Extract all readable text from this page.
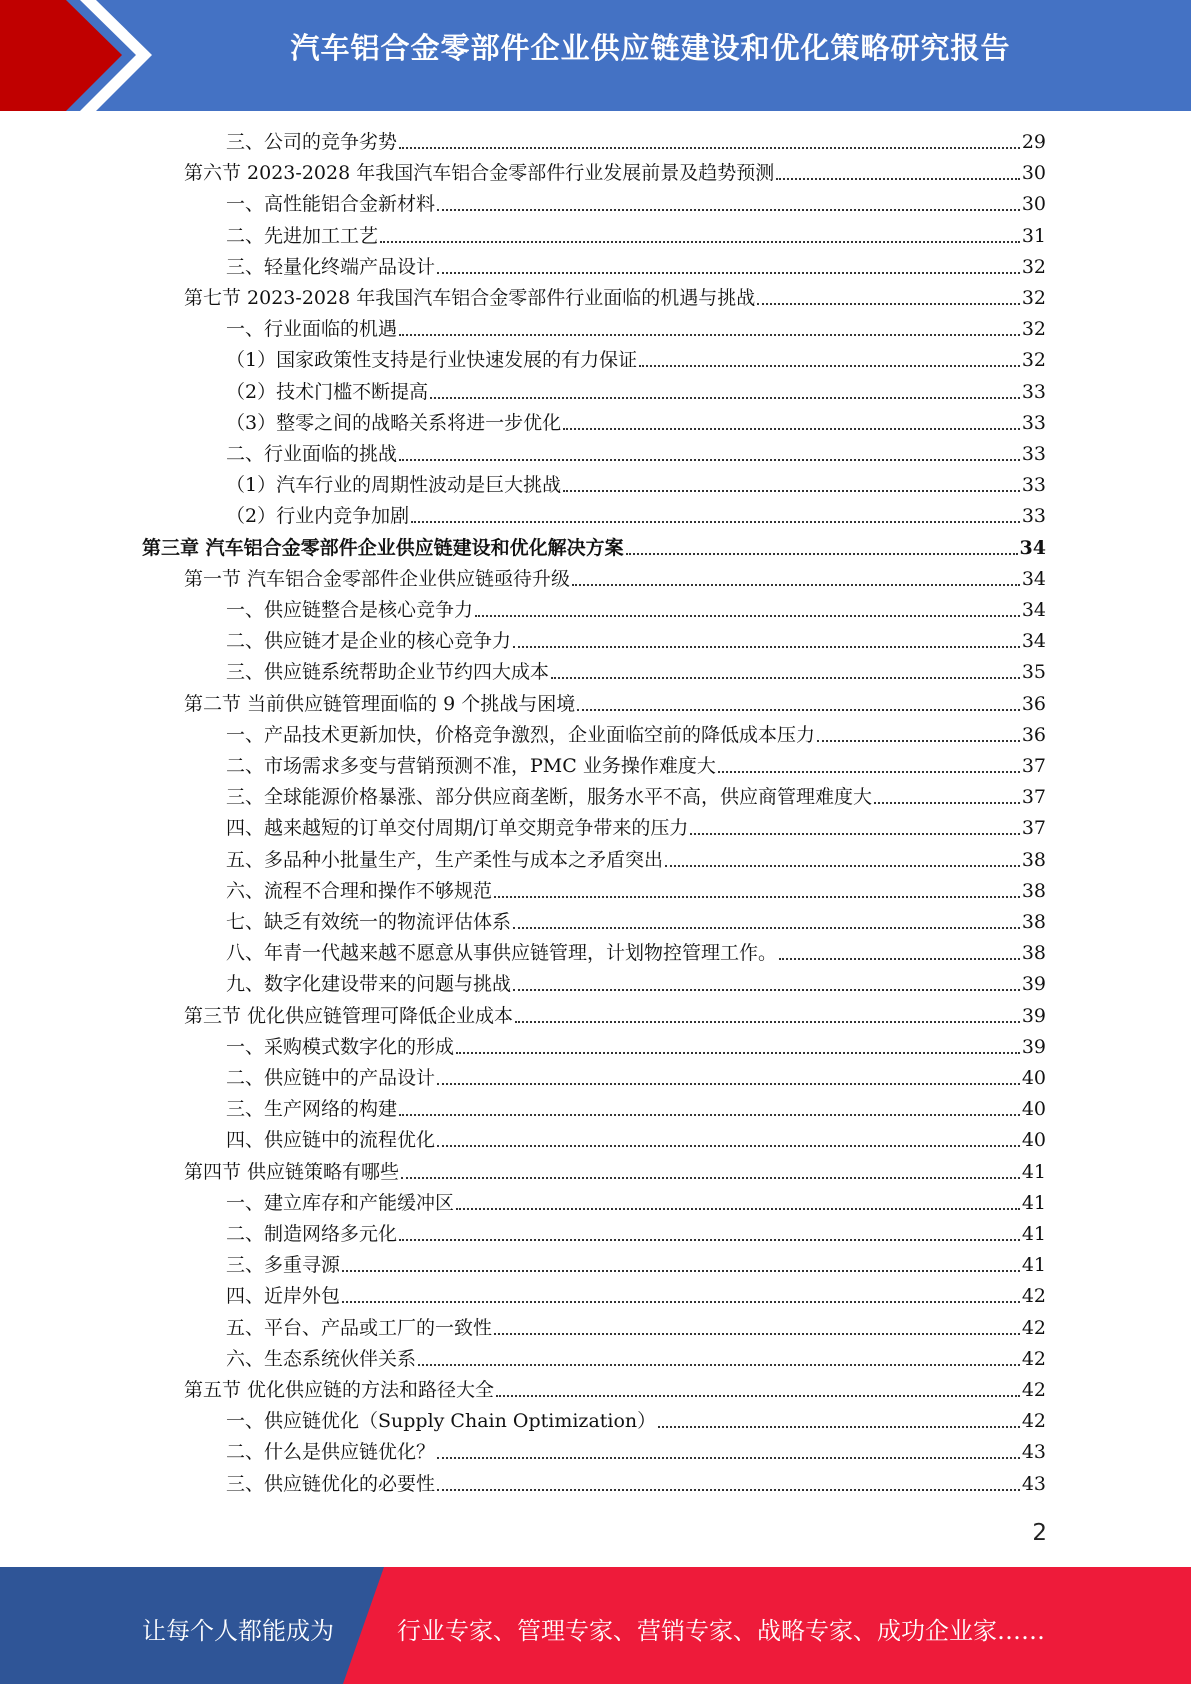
汽车铝合金零部件企业供应链建设和优化策略研究报告
三、公司的竞争劣势	29
第六节 2023-2028 年我国汽车铝合金零部件行业发展前景及趋势预测	30
一、高性能铝合金新材料	30
二、先进加工工艺	31
三、轻量化终端产品设计	32
第七节 2023-2028 年我国汽车铝合金零部件行业面临的机遇与挑战	32
一、行业面临的机遇	32
（1）国家政策性支持是行业快速发展的有力保证	32
（2）技术门槛不断提高	33
（3）整零之间的战略关系将进一步优化	33
二、行业面临的挑战	33
（1）汽车行业的周期性波动是巨大挑战	33
（2）行业内竞争加剧	33
第三章 汽车铝合金零部件企业供应链建设和优化解决方案	34
第一节 汽车铝合金零部件企业供应链亟待升级	34
一、供应链整合是核心竞争力	34
二、供应链才是企业的核心竞争力	34
三、供应链系统帮助企业节约四大成本	35
第二节 当前供应链管理面临的 9 个挑战与困境	36
一、产品技术更新加快，价格竞争激烈，企业面临空前的降低成本压力	36
二、市场需求多变与营销预测不准，PMC 业务操作难度大	37
三、全球能源价格暴涨、部分供应商垄断，服务水平不高，供应商管理难度大	37
四、越来越短的订单交付周期/订单交期竞争带来的压力	37
五、多品种小批量生产，生产柔性与成本之矛盾突出	38
六、流程不合理和操作不够规范	38
七、缺乏有效统一的物流评估体系	38
八、年青一代越来越不愿意从事供应链管理，计划物控管理工作。	38
九、数字化建设带来的问题与挑战	39
第三节 优化供应链管理可降低企业成本	39
一、采购模式数字化的形成	39
二、供应链中的产品设计	40
三、生产网络的构建	40
四、供应链中的流程优化	40
第四节 供应链策略有哪些	41
一、建立库存和产能缓冲区	41
二、制造网络多元化	41
三、多重寻源	41
四、近岸外包	42
五、平台、产品或工厂的一致性	42
六、生态系统伙伴关系	42
第五节 优化供应链的方法和路径大全	42
一、供应链优化（Supply Chain Optimization）	42
二、什么是供应链优化？	43
三、供应链优化的必要性	43
2
让每个人都能成为	行业专家、管理专家、营销专家、战略专家、成功企业家……
